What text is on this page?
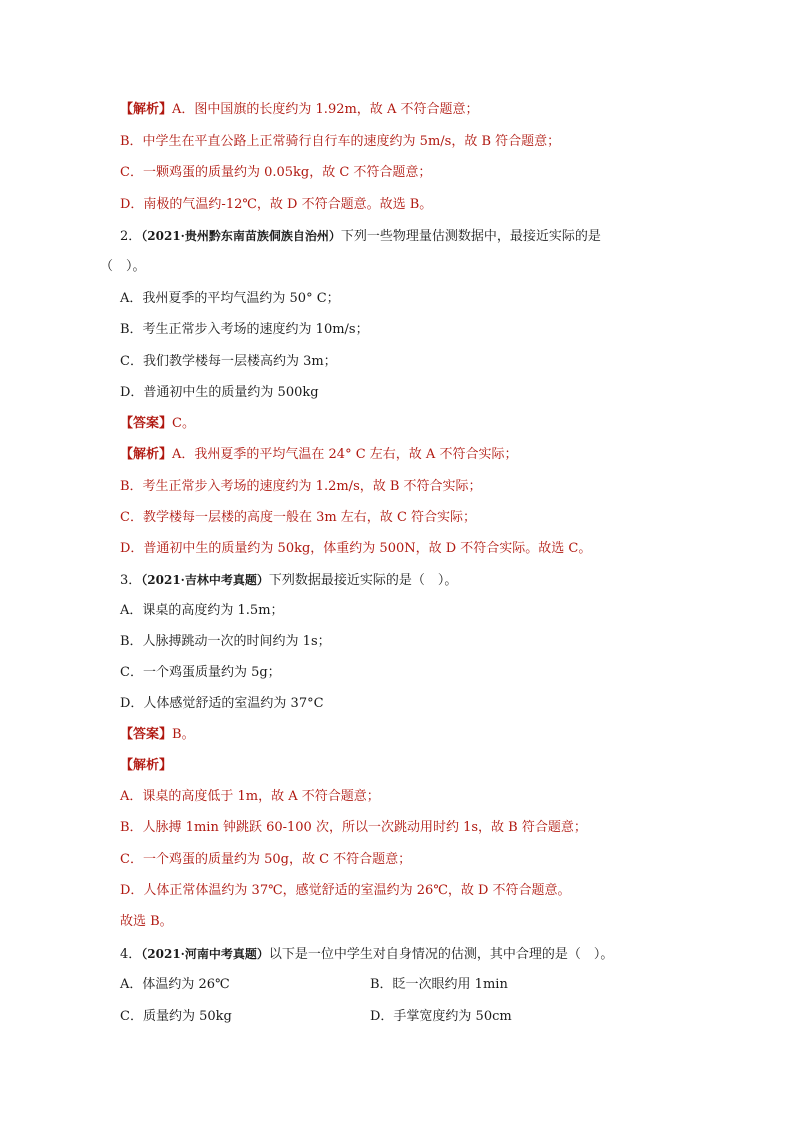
【解析】A．图中国旗的长度约为 1.92m，故 A 不符合题意；
B．中学生在平直公路上正常骑行自行车的速度约为 5m/s，故 B 符合题意；
C．一颗鸡蛋的质量约为 0.05kg，故 C 不符合题意；
D．南极的气温约-12℃，故 D 不符合题意。故选 B。
2．（2021·贵州黔东南苗族侗族自治州）下列一些物理量估测数据中，最接近实际的是
（　）。
A．我州夏季的平均气温约为 50° C；
B．考生正常步入考场的速度约为 10m/s；
C．我们教学楼每一层楼高约为 3m；
D．普通初中生的质量约为 500kg
【答案】C。
【解析】A．我州夏季的平均气温在 24° C 左右，故 A 不符合实际；
B．考生正常步入考场的速度约为 1.2m/s，故 B 不符合实际；
C．教学楼每一层楼的高度一般在 3m 左右，故 C 符合实际；
D．普通初中生的质量约为 50kg，体重约为 500N，故 D 不符合实际。故选 C。
3．（2021·吉林中考真题）下列数据最接近实际的是（　）。
A．课桌的高度约为 1.5m；
B．人脉搏跳动一次的时间约为 1s；
C．一个鸡蛋质量约为 5g；
D．人体感觉舒适的室温约为 37°C
【答案】B。
【解析】
A．课桌的高度低于 1m，故 A 不符合题意；
B．人脉搏 1min 钟跳跃 60-100 次，所以一次跳动用时约 1s，故 B 符合题意；
C．一个鸡蛋的质量约为 50g，故 C 不符合题意；
D．人体正常体温约为 37℃，感觉舒适的室温约为 26℃，故 D 不符合题意。
故选 B。
4．（2021·河南中考真题）以下是一位中学生对自身情况的估测，其中合理的是（　）。
A．体温约为 26℃	B．眨一次眼约用 1min
C．质量约为 50kg	D．手掌宽度约为 50cm
